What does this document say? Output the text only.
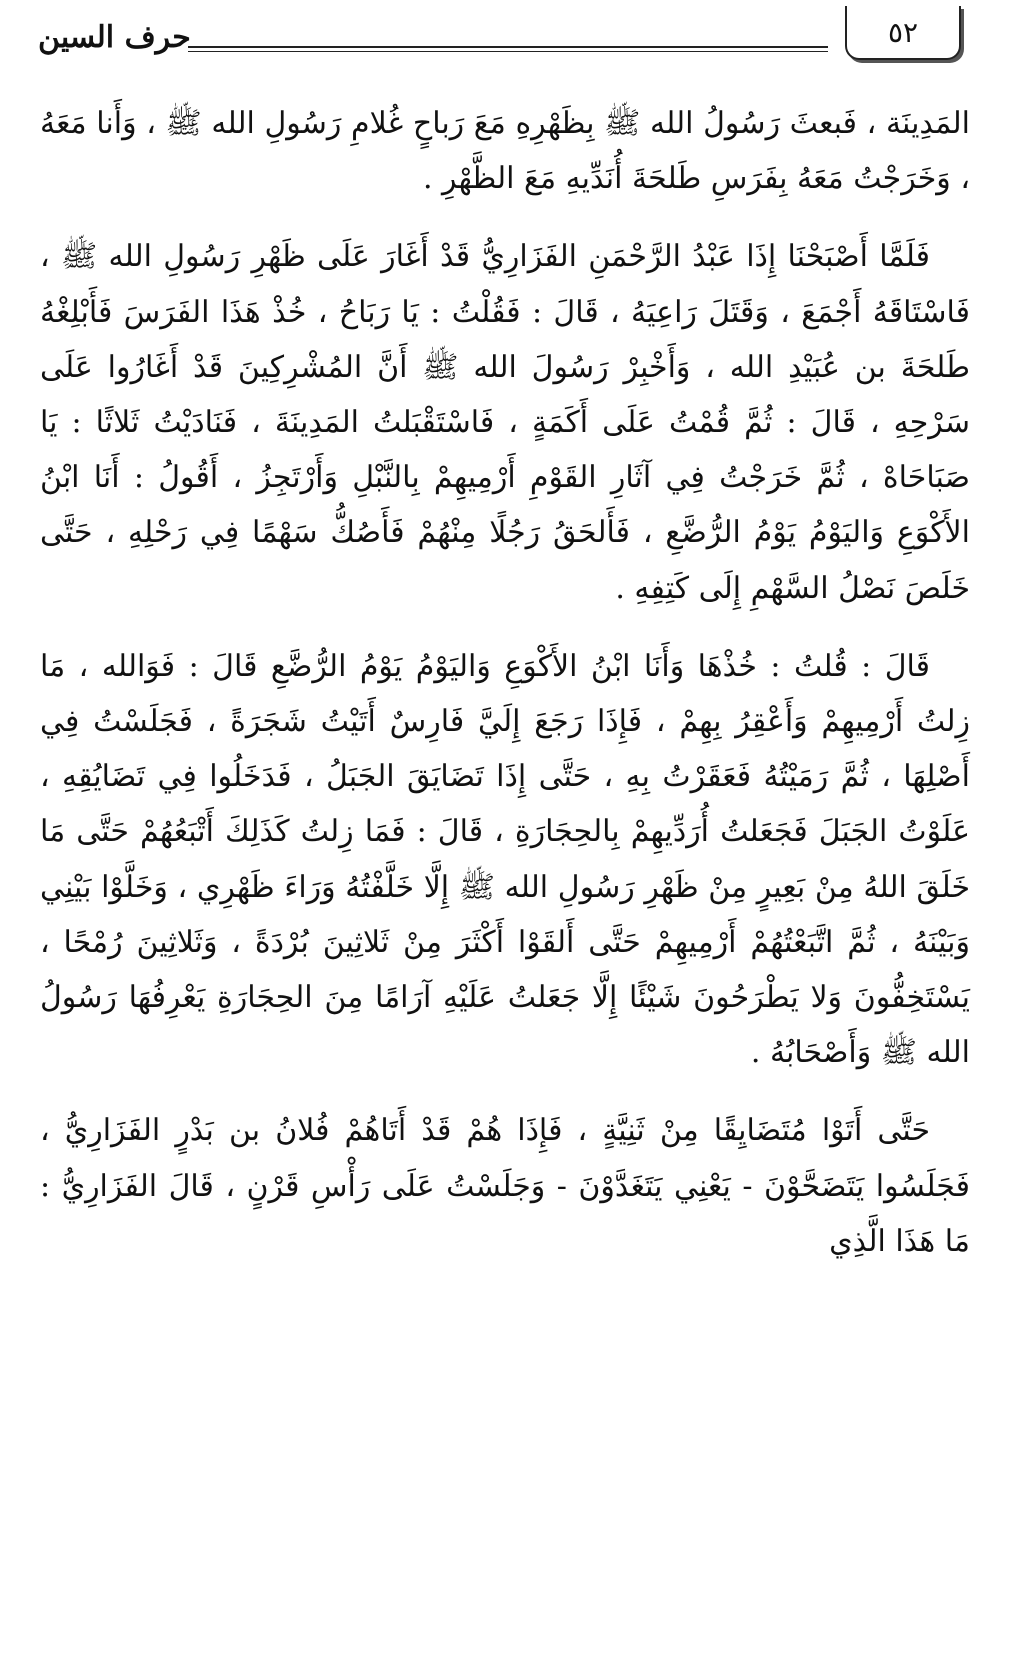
٥٢
حرف السين

المَدِينَة ، فَبعثَ رَسُولُ الله ﷺ بِظَهْرِهِ مَعَ رَباحٍ غُلامِ رَسُولِ الله ﷺ ، وَأَنا مَعَهُ ، وَخَرَجْتُ مَعَهُ بِفَرَسِ طَلحَةَ أُنَدِّيهِ مَعَ الظَّهْرِ .

فَلَمَّا أَصْبَحْنَا إِذَا عَبْدُ الرَّحْمَنِ الفَزَارِيُّ قَدْ أَغَارَ عَلَى ظَهْرِ رَسُولِ الله ﷺ ، فَاسْتَاقَهُ أَجْمَعَ ، وَقَتَلَ رَاعِيَهُ ، قَالَ : فَقُلْتُ : يَا رَبَاحُ ، خُذْ هَذَا الفَرَسَ فَأَبْلِغْهُ طَلحَةَ بن عُبَيْدِ الله ، وَأَخْبِرْ رَسُولَ الله ﷺ أَنَّ المُشْرِكِينَ قَدْ أَغَارُوا عَلَى سَرْحِهِ ، قَالَ : ثُمَّ قُمْتُ عَلَى أَكَمَةٍ ، فَاسْتَقْبَلتُ المَدِينَةَ ، فَنَادَيْتُ ثَلاثًا : يَا صَبَاحَاهْ ، ثُمَّ خَرَجْتُ فِي آثَارِ القَوْمِ أَرْمِيهِمْ بِالنَّبْلِ وَأَرْتَجِزُ ، أَقُولُ : أَنَا ابْنُ الأَكْوَعِ وَاليَوْمُ يَوْمُ الرُّضَّعِ ، فَأَلحَقُ رَجُلًا مِنْهُمْ فَأَصُكُّ سَهْمًا فِي رَحْلِهِ ، حَتَّى خَلَصَ نَصْلُ السَّهْمِ إِلَى كَتِفِهِ .

قَالَ : قُلتُ : خُذْهَا وَأَنَا ابْنُ الأَكْوَعِ وَاليَوْمُ يَوْمُ الرُّضَّعِ قَالَ : فَوَالله ، مَا زِلتُ أَرْمِيهِمْ وَأَعْقِرُ بِهِمْ ، فَإِذَا رَجَعَ إِلَيَّ فَارِسٌ أَتَيْتُ شَجَرَةً ، فَجَلَسْتُ فِي أَصْلِهَا ، ثُمَّ رَمَيْتُهُ فَعَقَرْتُ بِهِ ، حَتَّى إِذَا تَضَايَقَ الجَبَلُ ، فَدَخَلُوا فِي تَضَايُقِهِ ، عَلَوْتُ الجَبَلَ فَجَعَلتُ أُرَدِّيهِمْ بِالحِجَارَةِ ، قَالَ : فَمَا زِلتُ كَذَلِكَ أَتْبَعُهُمْ حَتَّى مَا خَلَقَ اللهُ مِنْ بَعِيرٍ مِنْ ظَهْرِ رَسُولِ الله ﷺ إِلَّا خَلَّفْتُهُ وَرَاءَ ظَهْرِي ، وَخَلَّوْا بَيْنِي وَبَيْنَهُ ، ثُمَّ اتَّبَعْتُهُمْ أَرْمِيهِمْ حَتَّى أَلقَوْا أَكْثَرَ مِنْ ثَلاثِينَ بُرْدَةً ، وَثَلاثِينَ رُمْحًا ، يَسْتَخِفُّونَ وَلا يَطْرَحُونَ شَيْئًا إِلَّا جَعَلتُ عَلَيْهِ آرَامًا مِنَ الحِجَارَةِ يَعْرِفُهَا رَسُولُ الله ﷺ وَأَصْحَابُهُ .

حَتَّى أَتَوْا مُتَضَايِقًا مِنْ ثَنِيَّةٍ ، فَإِذَا هُمْ قَدْ أَتَاهُمْ فُلانُ بن بَدْرٍ الفَزَارِيُّ ، فَجَلَسُوا يَتَضَحَّوْنَ - يَعْنِي يَتَغَدَّوْنَ - وَجَلَسْتُ عَلَى رَأْسِ قَرْنٍ ، قَالَ الفَزَارِيُّ : مَا هَذَا الَّذِي
